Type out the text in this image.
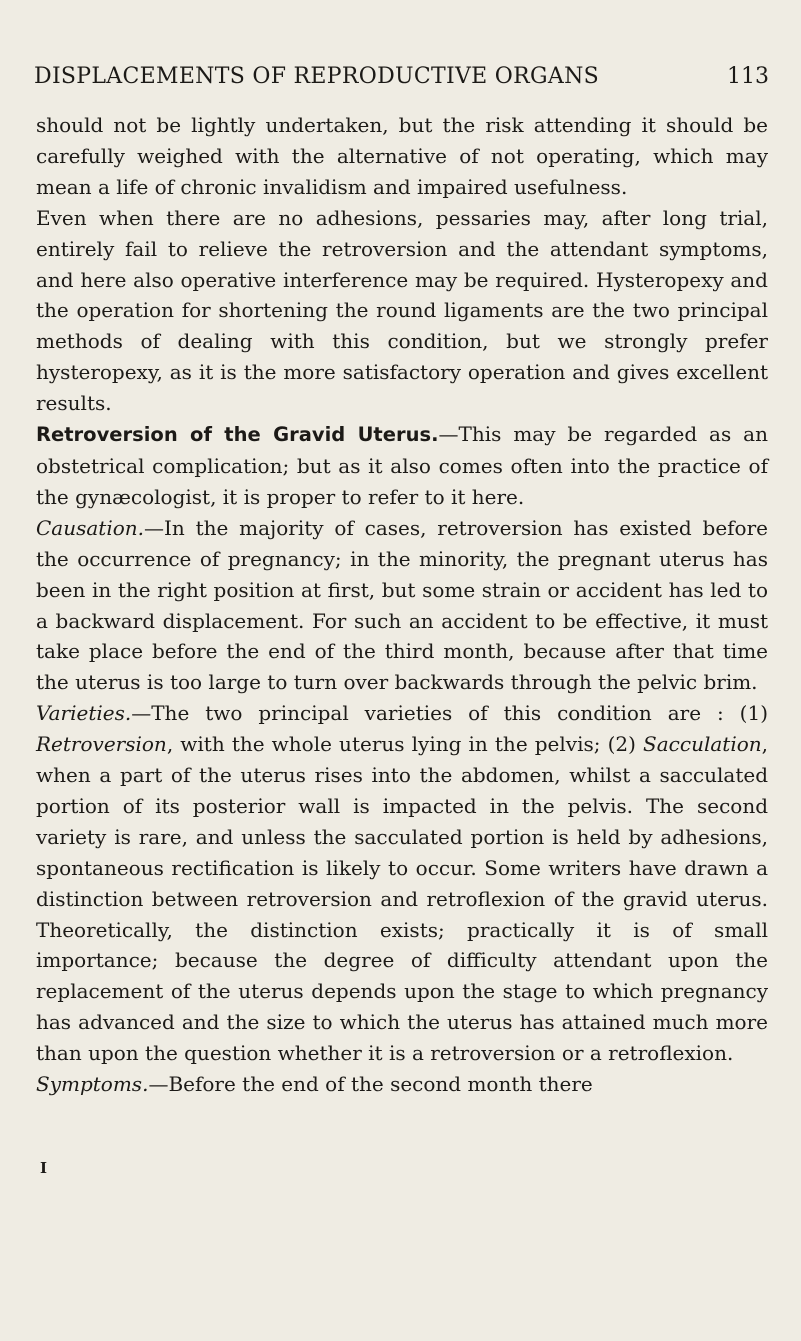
DISPLACEMENTS OF REPRODUCTIVE ORGANS	113

should not be lightly undertaken, but the risk attending it should be carefully weighed with the alternative of not operating, which may mean a life of chronic invalidism and impaired usefulness.

Even when there are no adhesions, pessaries may, after long trial, entirely fail to relieve the retroversion and the attendant symptoms, and here also operative interference may be required. Hysteropexy and the operation for shortening the round ligaments are the two principal methods of dealing with this condition, but we strongly prefer hysteropexy, as it is the more satisfactory operation and gives excellent results.

Retroversion of the Gravid Uterus.—This may be regarded as an obstetrical complication; but as it also comes often into the practice of the gynæcologist, it is proper to refer to it here.

Causation.—In the majority of cases, retroversion has existed before the occurrence of pregnancy; in the minority, the pregnant uterus has been in the right position at first, but some strain or accident has led to a backward displacement. For such an accident to be effective, it must take place before the end of the third month, because after that time the uterus is too large to turn over backwards through the pelvic brim.

Varieties.—The two principal varieties of this condition are : (1) Retroversion, with the whole uterus lying in the pelvis; (2) Sacculation, when a part of the uterus rises into the abdomen, whilst a sacculated portion of its posterior wall is impacted in the pelvis. The second variety is rare, and unless the sacculated portion is held by adhesions, spontaneous rectification is likely to occur. Some writers have drawn a distinction between retroversion and retroflexion of the gravid uterus. Theoretically, the distinction exists; practically it is of small importance; because the degree of difficulty attendant upon the replacement of the uterus depends upon the stage to which pregnancy has advanced and the size to which the uterus has attained much more than upon the question whether it is a retroversion or a retroflexion.

Symptoms.—Before the end of the second month there

I
